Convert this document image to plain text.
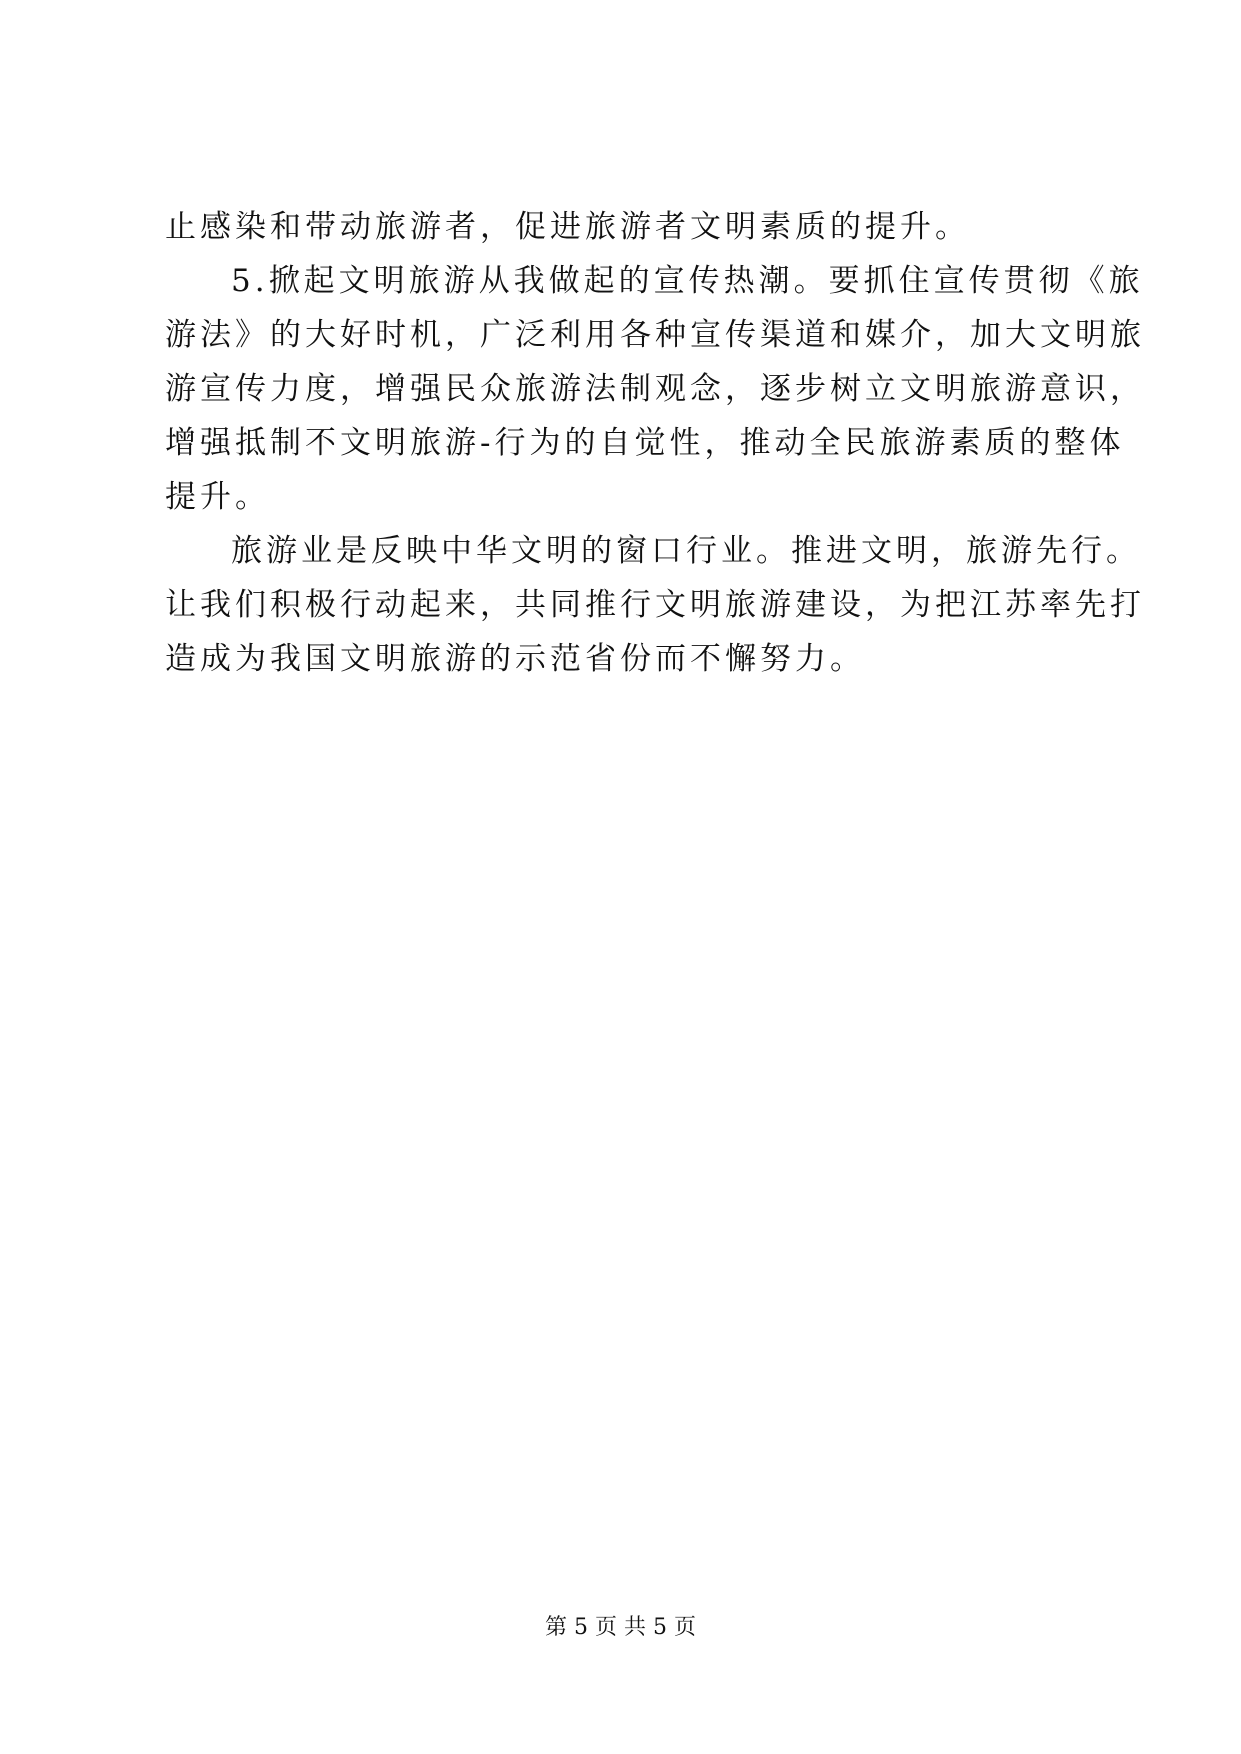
止感染和带动旅游者，促进旅游者文明素质的提升。
5.掀起文明旅游从我做起的宣传热潮。要抓住宣传贯彻《旅
游法》的大好时机，广泛利用各种宣传渠道和媒介，加大文明旅
游宣传力度，增强民众旅游法制观念，逐步树立文明旅游意识，
增强抵制不文明旅游-行为的自觉性，推动全民旅游素质的整体
提升。
旅游业是反映中华文明的窗口行业。推进文明，旅游先行。
让我们积极行动起来，共同推行文明旅游建设，为把江苏率先打
造成为我国文明旅游的示范省份而不懈努力。
第 5 页 共 5 页
